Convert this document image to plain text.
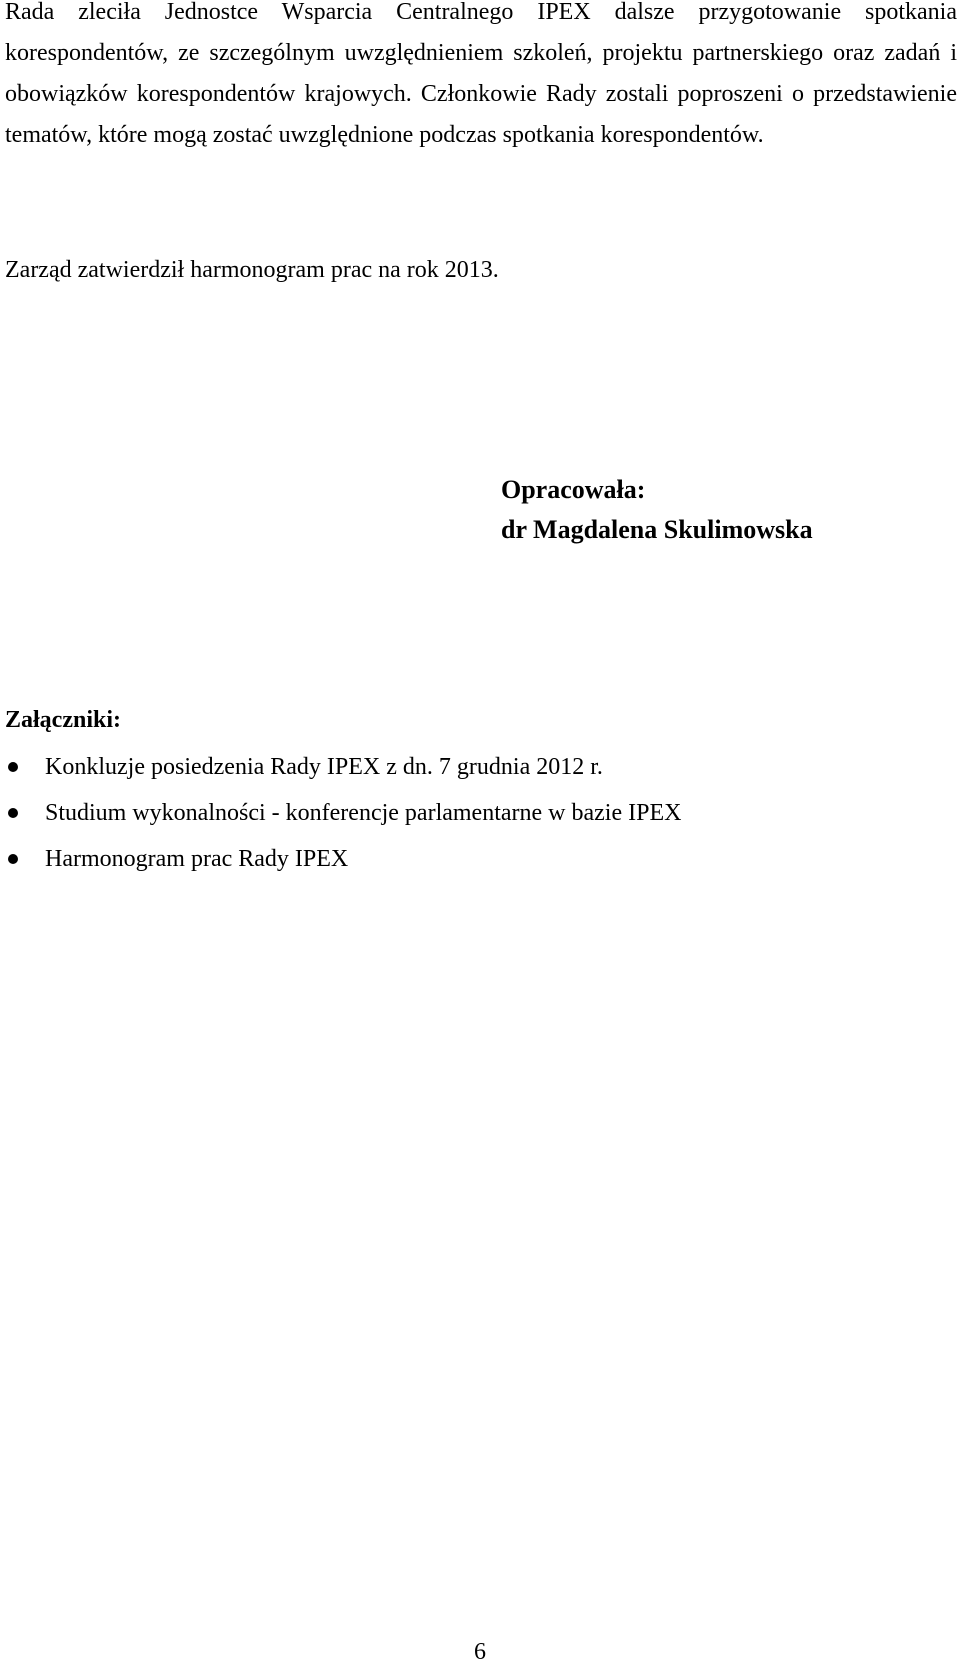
Rada zleciła Jednostce Wsparcia Centralnego IPEX dalsze przygotowanie spotkania korespondentów, ze szczególnym uwzględnieniem szkoleń, projektu partnerskiego oraz zadań i obowiązków korespondentów krajowych. Członkowie Rady zostali poproszeni o przedstawienie tematów, które mogą zostać uwzględnione podczas spotkania korespondentów.

Zarząd zatwierdził harmonogram prac na rok 2013.

Opracowała:
dr Magdalena Skulimowska

Załączniki:

Konkluzje posiedzenia Rady IPEX z dn. 7 grudnia 2012 r.
Studium wykonalności - konferencje parlamentarne w bazie IPEX
Harmonogram prac Rady IPEX
6
